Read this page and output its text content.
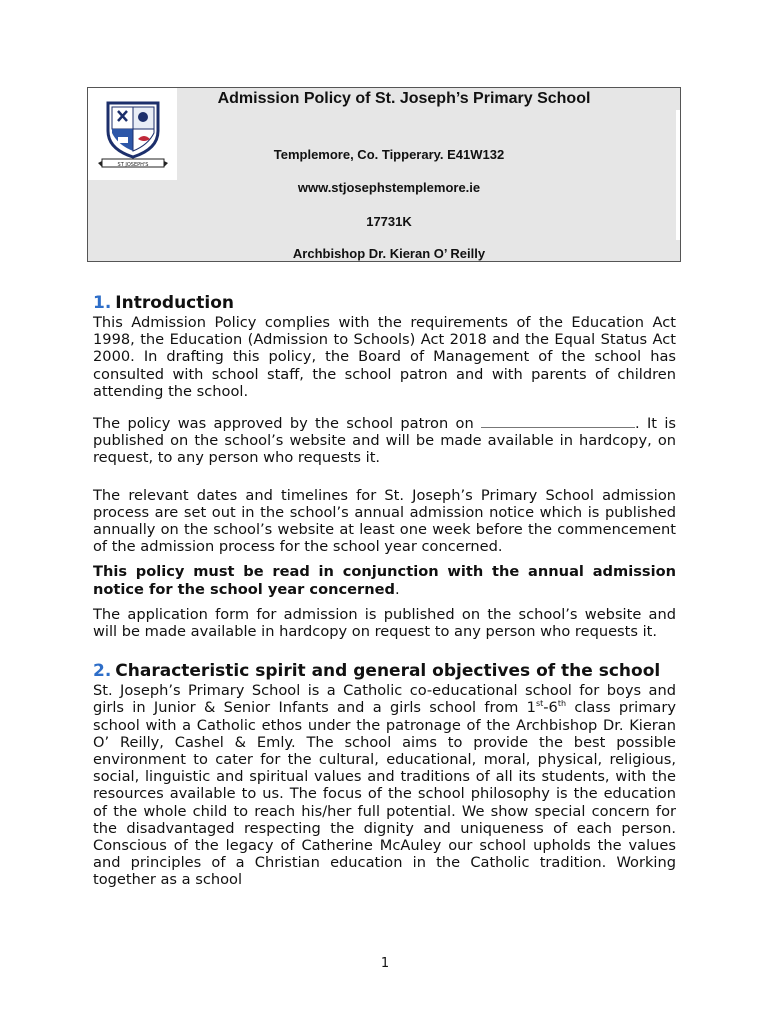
ST JOSEPH'S
Admission Policy of St. Joseph’s Primary School
Templemore, Co. Tipperary. E41W132
www.stjosephstemplemore.ie
17731K
Archbishop Dr. Kieran O’ Reilly
1. Introduction

This Admission Policy complies with the requirements of the Education Act 1998, the Education (Admission to Schools) Act 2018 and the Equal Status Act 2000. In drafting this policy, the Board of Management of the school has consulted with school staff, the school patron and with parents of children attending the school.

The policy was approved by the school patron on	. It is published on the school’s website and will be made available in hardcopy, on request, to any person who requests it.

The relevant dates and timelines for St. Joseph’s Primary School admission process are set out in the school’s annual admission notice which is published annually on the school’s website at least one week before the commencement of the admission process for the school year concerned.

This policy must be read in conjunction with the annual admission notice for the school year concerned.

The application form for admission is published on the school’s website and will be made available in hardcopy on request to any person who requests it.

2. Characteristic spirit and general objectives of the school

St. Joseph’s Primary School is a Catholic co-educational school for boys and girls in Junior & Senior Infants and a girls school from 1st-6th class primary school with a Catholic ethos under the patronage of the Archbishop Dr. Kieran O’ Reilly, Cashel & Emly. The school aims to provide the best possible environment to cater for the cultural, educational, moral, physical, religious, social, linguistic and spiritual values and traditions of all its students, with the resources available to us. The focus of the school philosophy is the education of the whole child to reach his/her full potential. We show special concern for the disadvantaged respecting the dignity and uniqueness of each person. Conscious of the legacy of Catherine McAuley our school upholds the values and principles of a Christian education in the Catholic tradition. Working together as a school

1
